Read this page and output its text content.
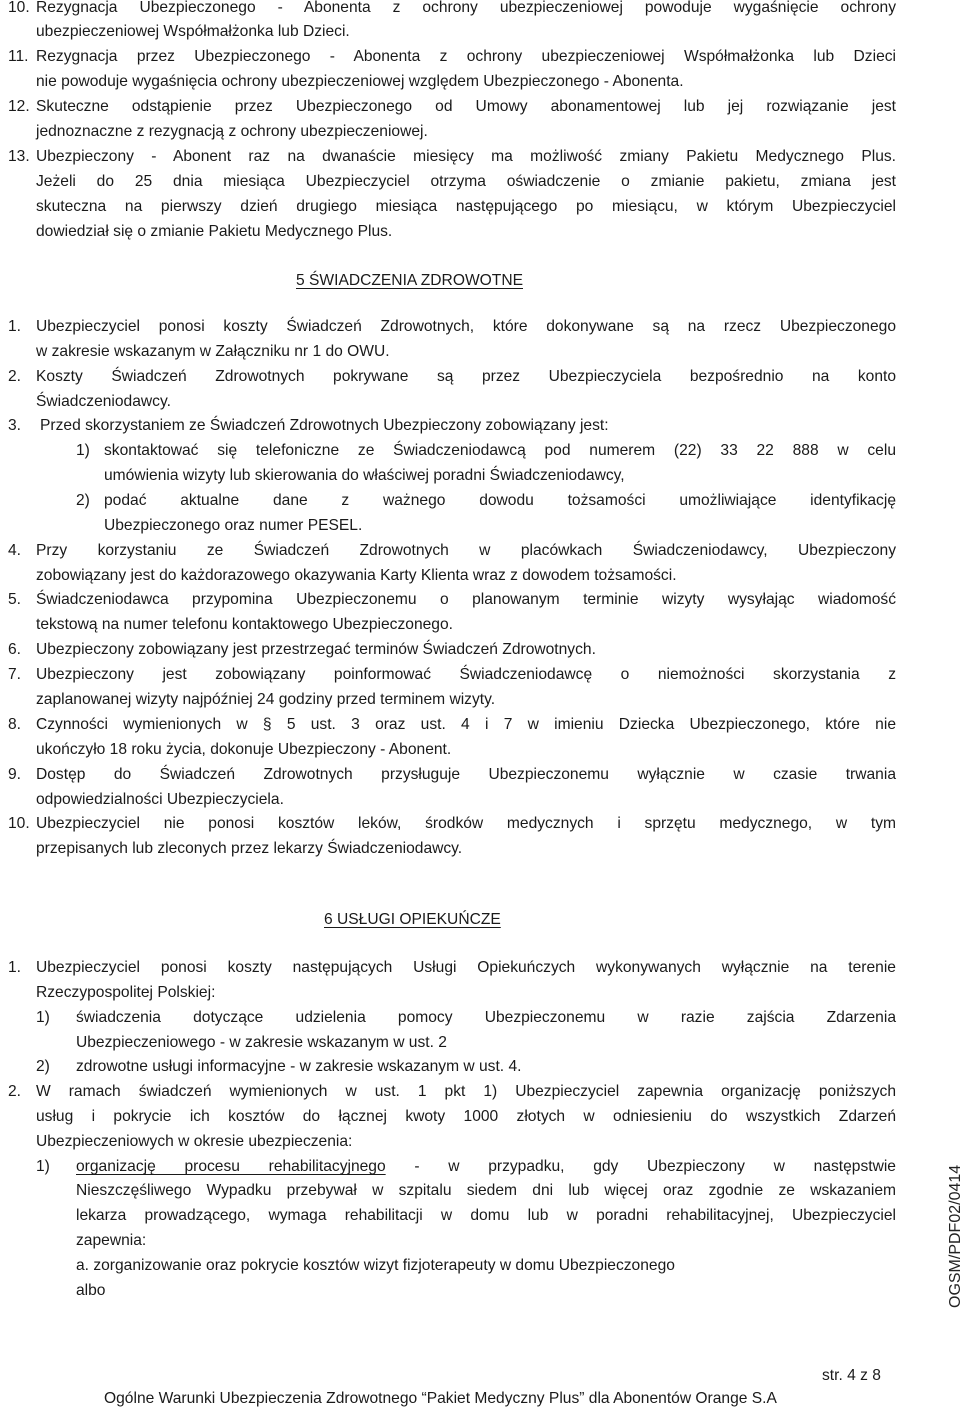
10. Rezygnacja Ubezpieczonego - Abonenta z ochrony ubezpieczeniowej powoduje wygaśnięcie ochrony
ubezpieczeniowej Współmałżonka lub Dzieci.
11. Rezygnacja przez Ubezpieczonego - Abonenta z ochrony ubezpieczeniowej Współmałżonka lub Dzieci
nie powoduje wygaśnięcia ochrony ubezpieczeniowej względem Ubezpieczonego - Abonenta.
12. Skuteczne odstąpienie przez Ubezpieczonego od Umowy abonamentowej lub jej rozwiązanie jest
jednoznaczne z rezygnacją z ochrony ubezpieczeniowej.
13. Ubezpieczony - Abonent raz na dwanaście miesięcy ma możliwość zmiany Pakietu Medycznego Plus.
Jeżeli do 25 dnia miesiąca Ubezpieczyciel otrzyma oświadczenie o zmianie pakietu, zmiana jest
skuteczna na pierwszy dzień drugiego miesiąca następującego po miesiącu, w którym Ubezpieczyciel
dowiedział się o zmianie Pakietu Medycznego Plus.
5 ŚWIADCZENIA ZDROWOTNE
1. Ubezpieczyciel ponosi koszty Świadczeń Zdrowotnych, które dokonywane są na rzecz Ubezpieczonego
w zakresie wskazanym w Załączniku nr 1 do OWU.
2. Koszty Świadczeń Zdrowotnych pokrywane są przez Ubezpieczyciela bezpośrednio na konto
Świadczeniodawcy.
3. Przed skorzystaniem ze Świadczeń Zdrowotnych Ubezpieczony zobowiązany jest:
1) skontaktować się telefoniczne ze Świadczeniodawcą pod numerem (22) 33 22 888 w celu
umówienia wizyty lub skierowania do właściwej poradni Świadczeniodawcy,
2) podać aktualne dane z ważnego dowodu tożsamości umożliwiające identyfikację
Ubezpieczonego oraz numer PESEL.
4. Przy korzystaniu ze Świadczeń Zdrowotnych w placówkach Świadczeniodawcy, Ubezpieczony
zobowiązany jest do każdorazowego okazywania Karty Klienta wraz z dowodem tożsamości.
5. Świadczeniodawca przypomina Ubezpieczonemu o planowanym terminie wizyty wysyłając wiadomość
tekstową na numer telefonu kontaktowego Ubezpieczonego.
6. Ubezpieczony zobowiązany jest przestrzegać terminów Świadczeń Zdrowotnych.
7. Ubezpieczony jest zobowiązany poinformować Świadczeniodawcę o niemożności skorzystania z
zaplanowanej wizyty najpóźniej 24 godziny przed terminem wizyty.
8. Czynności wymienionych w § 5 ust. 3 oraz ust. 4 i 7 w imieniu Dziecka Ubezpieczonego, które nie
ukończyło 18 roku życia, dokonuje Ubezpieczony - Abonent.
9. Dostęp do Świadczeń Zdrowotnych przysługuje Ubezpieczonemu wyłącznie w czasie trwania
odpowiedzialności Ubezpieczyciela.
10. Ubezpieczyciel nie ponosi kosztów leków, środków medycznych i sprzętu medycznego, w tym
przepisanych lub zleconych przez lekarzy Świadczeniodawcy.
6 USŁUGI OPIEKUŃCZE
1. Ubezpieczyciel ponosi koszty następujących Usługi Opiekuńczych wykonywanych wyłącznie na terenie
Rzeczypospolitej Polskiej:
1) świadczenia dotyczące udzielenia pomocy Ubezpieczonemu w razie zajścia Zdarzenia
Ubezpieczeniowego - w zakresie wskazanym w ust. 2
2) zdrowotne usługi informacyjne - w zakresie wskazanym w ust. 4.
2. W ramach świadczeń wymienionych w ust. 1 pkt 1) Ubezpieczyciel zapewnia organizację poniższych
usług i pokrycie ich kosztów do łącznej kwoty 1000 złotych w odniesieniu do wszystkich Zdarzeń
Ubezpieczeniowych w okresie ubezpieczenia:
1) organizację procesu rehabilitacyjnego - w przypadku, gdy Ubezpieczony w następstwie
Nieszczęśliwego Wypadku przebywał w szpitalu siedem dni lub więcej oraz zgodnie ze wskazaniem
lekarza prowadzącego, wymaga rehabilitacji w domu lub w poradni rehabilitacyjnej, Ubezpieczyciel
zapewnia:
a. zorganizowanie oraz pokrycie kosztów wizyt fizjoterapeuty w domu Ubezpieczonego
albo	OGSM/PDF02/0414
str. 4 z 8
Ogólne Warunki Ubezpieczenia Zdrowotnego “Pakiet Medyczny Plus” dla Abonentów Orange S.A
